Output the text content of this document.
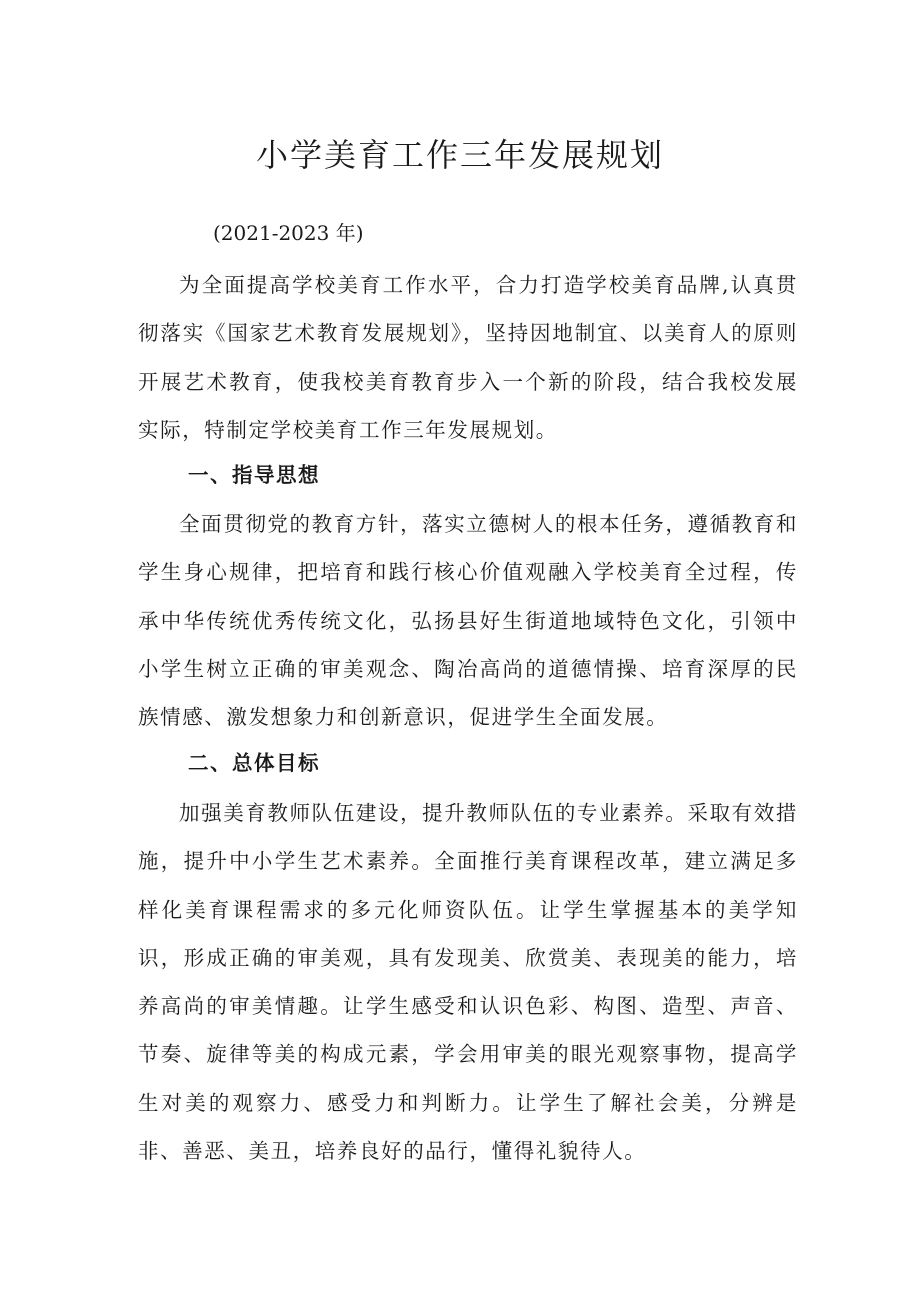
小学美育工作三年发展规划
(2021-2023 年)

为全面提高学校美育工作水平，合力打造学校美育品牌,认真贯彻落实《国家艺术教育发展规划》，坚持因地制宜、以美育人的原则开展艺术教育，使我校美育教育步入一个新的阶段，结合我校发展实际，特制定学校美育工作三年发展规划。

一、指导思想

全面贯彻党的教育方针，落实立德树人的根本任务，遵循教育和学生身心规律，把培育和践行核心价值观融入学校美育全过程，传承中华传统优秀传统文化，弘扬县好生街道地域特色文化，引领中小学生树立正确的审美观念、陶冶高尚的道德情操、培育深厚的民族情感、激发想象力和创新意识，促进学生全面发展。

二、总体目标

加强美育教师队伍建设，提升教师队伍的专业素养。采取有效措施，提升中小学生艺术素养。全面推行美育课程改革，建立满足多样化美育课程需求的多元化师资队伍。让学生掌握基本的美学知识，形成正确的审美观，具有发现美、欣赏美、表现美的能力，培养高尚的审美情趣。让学生感受和认识色彩、构图、造型、声音、节奏、旋律等美的构成元素，学会用审美的眼光观察事物，提高学生对美的观察力、感受力和判断力。让学生了解社会美，分辨是非、善恶、美丑，培养良好的品行，懂得礼貌待人。
